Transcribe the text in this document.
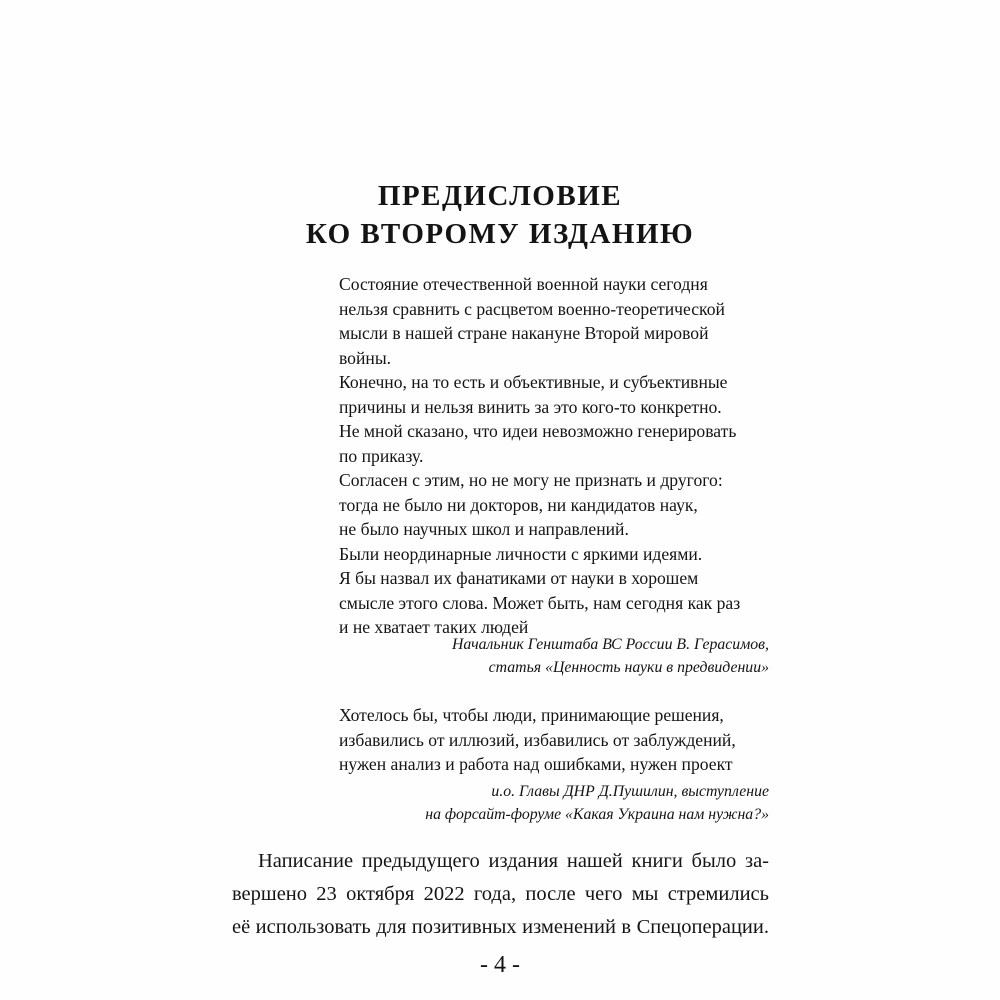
ПРЕДИСЛОВИЕ
КО ВТОРОМУ ИЗДАНИЮ
Состояние отечественной военной науки сегодня
нельзя сравнить с расцветом военно-теоретической
мысли в нашей стране накануне Второй мировой
войны.
Конечно, на то есть и объективные, и субъективные
причины и нельзя винить за это кого-то конкретно.
Не мной сказано, что идеи невозможно генерировать
по приказу.
Согласен с этим, но не могу не признать и другого:
тогда не было ни докторов, ни кандидатов наук,
не было научных школ и направлений.
Были неординарные личности с яркими идеями.
Я бы назвал их фанатиками от науки в хорошем
смысле этого слова. Может быть, нам сегодня как раз
и не хватает таких людей
Начальник Генштаба ВС России В. Герасимов,
статья «Ценность науки в предвидении»
Хотелось бы, чтобы люди, принимающие решения,
избавились от иллюзий, избавились от заблуждений,
нужен анализ и работа над ошибками, нужен проект
и.о. Главы ДНР Д.Пушилин, выступление
на форсайт-форуме «Какая Украина нам нужна?»
Написание предыдущего издания нашей книги было за-
вершено 23 октября 2022 года, после чего мы стремились
её использовать для позитивных изменений в Спецоперации.
- 4 -
